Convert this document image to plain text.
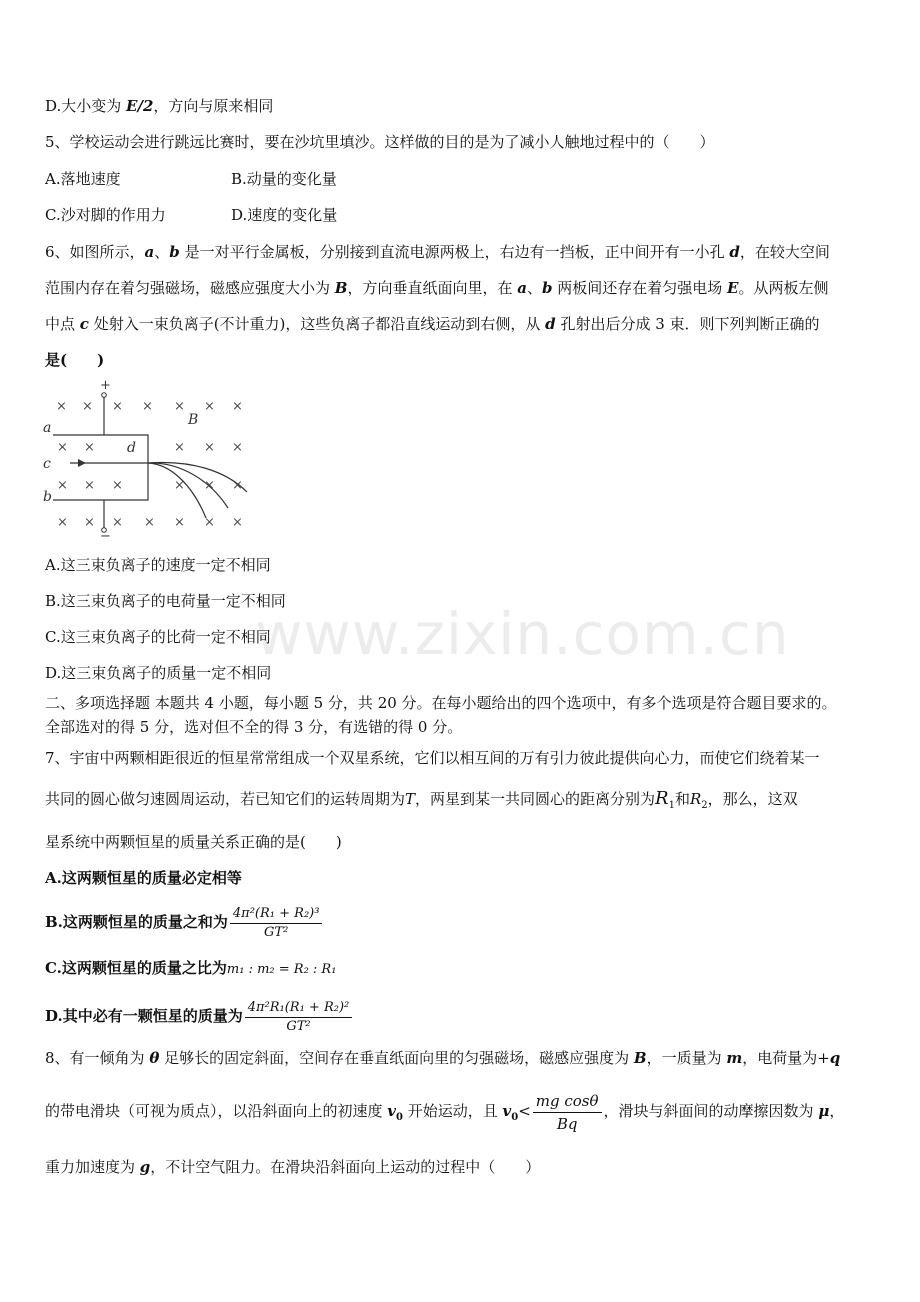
www.zixin.com.cn
D.大小变为 E/2，方向与原来相同
5、学校运动会进行跳远比赛时，要在沙坑里填沙。这样做的目的是为了减小人触地过程中的（　　）
A.落地速度	B.动量的变化量
C.沙对脚的作用力	D.速度的变化量
6、如图所示，a、b 是一对平行金属板，分别接到直流电源两极上，右边有一挡板，正中间开有一小孔 d，在较大空间
范围内存在着匀强磁场，磁感应强度大小为 B，方向垂直纸面向里，在 a、b 两板间还存在着匀强电场 E。从两板左侧
中点 c 处射入一束负离子(不计重力)，这些负离子都沿直线运动到右侧，从 d 孔射出后分成 3 束．则下列判断正确的
是(　　)
+
−
a
c
b
d
B
× × × × × × ×
× ×	× × ×
× × ×	× × ×
× × × × × × ×
A.这三束负离子的速度一定不相同
B.这三束负离子的电荷量一定不相同
C.这三束负离子的比荷一定不相同
D.这三束负离子的质量一定不相同
二、多项选择题 本题共 4 小题，每小题 5 分，共 20 分。在每小题给出的四个选项中，有多个选项是符合题目要求的。
全部选对的得 5 分，选对但不全的得 3 分，有选错的得 0 分。
7、宇宙中两颗相距很近的恒星常常组成一个双星系统，它们以相互间的万有引力彼此提供向心力，而使它们绕着某一
共同的圆心做匀速圆周运动，若已知它们的运转周期为T，两星到某一共同圆心的距离分别为$R_1$和$R_2$，那么，这双
星系统中两颗恒星的质量关系正确的是(　　)
A.这两颗恒星的质量必定相等
B.这两颗恒星的质量之和为 $\frac{\text{4π²(R₁ + R₂)³}}{\text{GT²}}$
C.这两颗恒星的质量之比为m₁ : m₂ = R₂ : R₁
D.其中必有一颗恒星的质量为 $\frac{\text{4π²R₁(R₁ + R₂)²}}{\text{GT²}}$
8、有一倾角为 θ 足够长的固定斜面，空间存在垂直纸面向里的匀强磁场，磁感应强度为 B，一质量为 m，电荷量为+q
的带电滑块（可视为质点），以沿斜面向上的初速度 $v_0$ 开始运动，且 $v_0< \frac{\text{mg cosθ}}{Bq}$ ，滑块与斜面间的动摩擦因数为 μ，
重力加速度为 g，不计空气阻力。在滑块沿斜面向上运动的过程中（　　）
